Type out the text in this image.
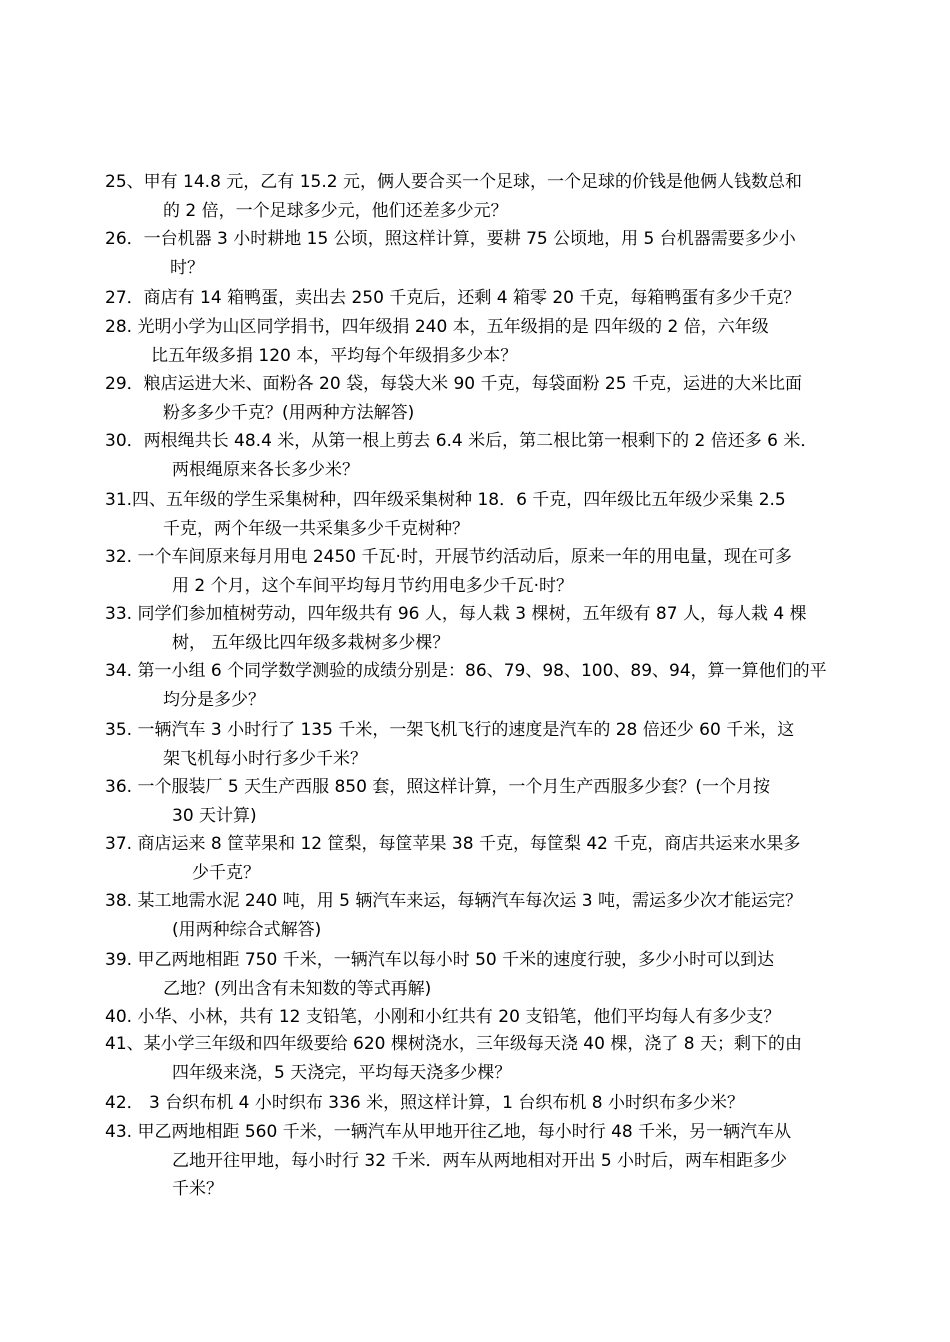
25、甲有 14.8 元，乙有 15.2 元，俩人要合买一个足球，一个足球的价钱是他俩人钱数总和
的 2 倍，一个足球多少元，他们还差多少元？
26．一台机器 3 小时耕地 15 公顷，照这样计算，要耕 75 公顷地，用 5 台机器需要多少小
时？
27．商店有 14 箱鸭蛋，卖出去 250 千克后，还剩 4 箱零 20 千克，每箱鸭蛋有多少千克？
28. 光明小学为山区同学捐书，四年级捐 240 本，五年级捐的是 四年级的 2 倍，六年级
比五年级多捐 120 本，平均每个年级捐多少本？
29．粮店运进大米、面粉各 20 袋，每袋大米 90 千克，每袋面粉 25 千克，运进的大米比面
粉多多少千克？(用两种方法解答)
30．两根绳共长 48.4 米，从第一根上剪去 6.4 米后，第二根比第一根剩下的 2 倍还多 6 米．
两根绳原来各长多少米？
31.四、五年级的学生采集树种，四年级采集树种 18．6 千克，四年级比五年级少采集 2.5
千克，两个年级一共采集多少千克树种？
32. 一个车间原来每月用电 2450 千瓦·时，开展节约活动后，原来一年的用电量，现在可多
用 2 个月，这个车间平均每月节约用电多少千瓦·时？
33. 同学们参加植树劳动，四年级共有 96 人，每人栽 3 棵树，五年级有 87 人，每人栽 4 棵
树， 五年级比四年级多栽树多少棵？
34. 第一小组 6 个同学数学测验的成绩分别是：86、79、98、100、89、94，算一算他们的平
均分是多少？
35. 一辆汽车 3 小时行了 135 千米，一架飞机飞行的速度是汽车的 28 倍还少 60 千米，这
架飞机每小时行多少千米？
36. 一个服装厂 5 天生产西服 850 套，照这样计算，一个月生产西服多少套？(一个月按
30 天计算)
37. 商店运来 8 筐苹果和 12 筐梨，每筐苹果 38 千克，每筐梨 42 千克，商店共运来水果多
少千克？
38. 某工地需水泥 240 吨，用 5 辆汽车来运，每辆汽车每次运 3 吨，需运多少次才能运完？
(用两种综合式解答)
39. 甲乙两地相距 750 千米，一辆汽车以每小时 50 千米的速度行驶，多少小时可以到达
乙地？(列出含有未知数的等式再解)
40. 小华、小林，共有 12 支铅笔，小刚和小红共有 20 支铅笔，他们平均每人有多少支？
41、某小学三年级和四年级要给 620 棵树浇水，三年级每天浇 40 棵，浇了 8 天；剩下的由
四年级来浇，5 天浇完，平均每天浇多少棵？
42． 3 台织布机 4 小时织布 336 米，照这样计算，1 台织布机 8 小时织布多少米？
43. 甲乙两地相距 560 千米，一辆汽车从甲地开往乙地，每小时行 48 千米，另一辆汽车从
乙地开往甲地，每小时行 32 千米．两车从两地相对开出 5 小时后，两车相距多少
千米？
